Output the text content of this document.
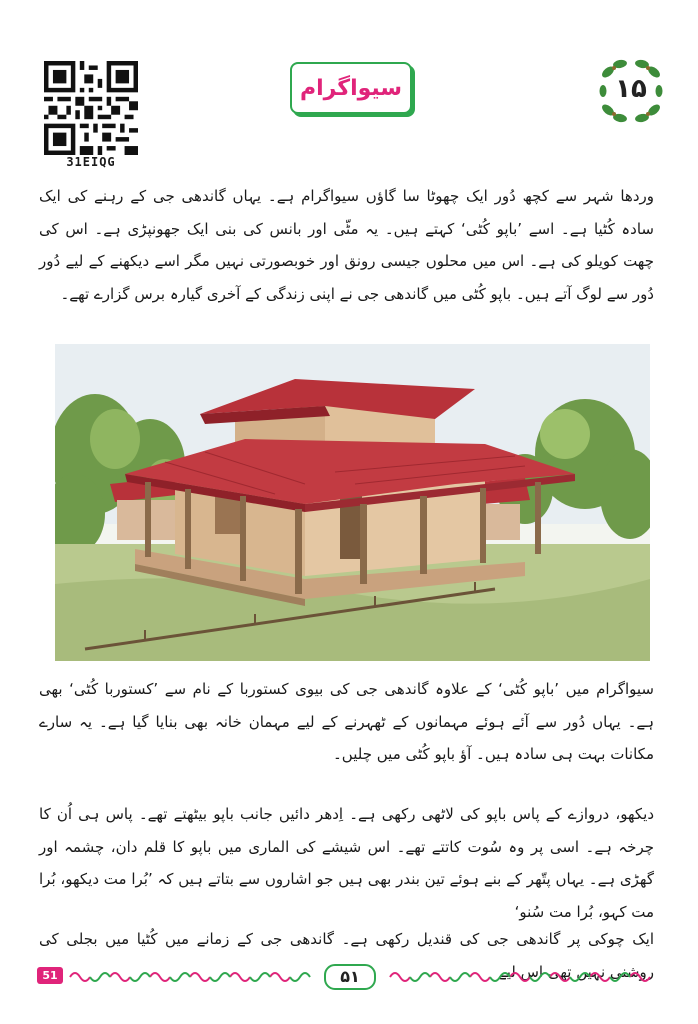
31EIQG
سیواگرام	۱۵

وردھا شہر سے کچھ دُور ایک چھوٹا سا گاؤں سیواگرام ہے۔ یہاں گاندھی جی کے رہنے کی ایک سادہ کُٹیا ہے۔ اسے ’باپو کُٹی‘ کہتے ہیں۔ یہ مٹّی اور بانس کی بنی ایک جھونپڑی ہے۔ اس کی چھت کویلو کی ہے۔ اس میں محلوں جیسی رونق اور خوبصورتی نہیں مگر اسے دیکھنے کے لیے دُور دُور سے لوگ آتے ہیں۔ باپو کُٹی میں گاندھی جی نے اپنی زندگی کے آخری گیارہ برس گزارے تھے۔

سیواگرام میں ’باپو کُٹی‘ کے علاوہ گاندھی جی کی بیوی کستوربا کے نام سے ’کستوربا کُٹی‘ بھی ہے۔ یہاں دُور سے آئے ہوئے مہمانوں کے ٹھہرنے کے لیے مہمان خانہ بھی بنایا گیا ہے۔ یہ سارے مکانات بہت ہی سادہ ہیں۔ آؤ باپو کُٹی میں چلیں۔

دیکھو، دروازے کے پاس باپو کی لاٹھی رکھی ہے۔ اِدھر دائیں جانب باپو بیٹھتے تھے۔ پاس ہی اُن کا چرخہ ہے۔ اسی پر وہ سُوت کاتتے تھے۔ اس شیشے کی الماری میں باپو کا قلم دان، چشمہ اور گھڑی ہے۔ یہاں پتّھر کے بنے ہوئے تین بندر بھی ہیں جو اشاروں سے بتاتے ہیں کہ ’بُرا مت دیکھو، بُرا مت کہو، بُرا مت سُنو‘

ایک چوکی پر گاندھی جی کی قندیل رکھی ہے۔ گاندھی جی کے زمانے میں کُٹیا میں بجلی کی روشنی نہیں تھی اس لیے

51	۵۱
